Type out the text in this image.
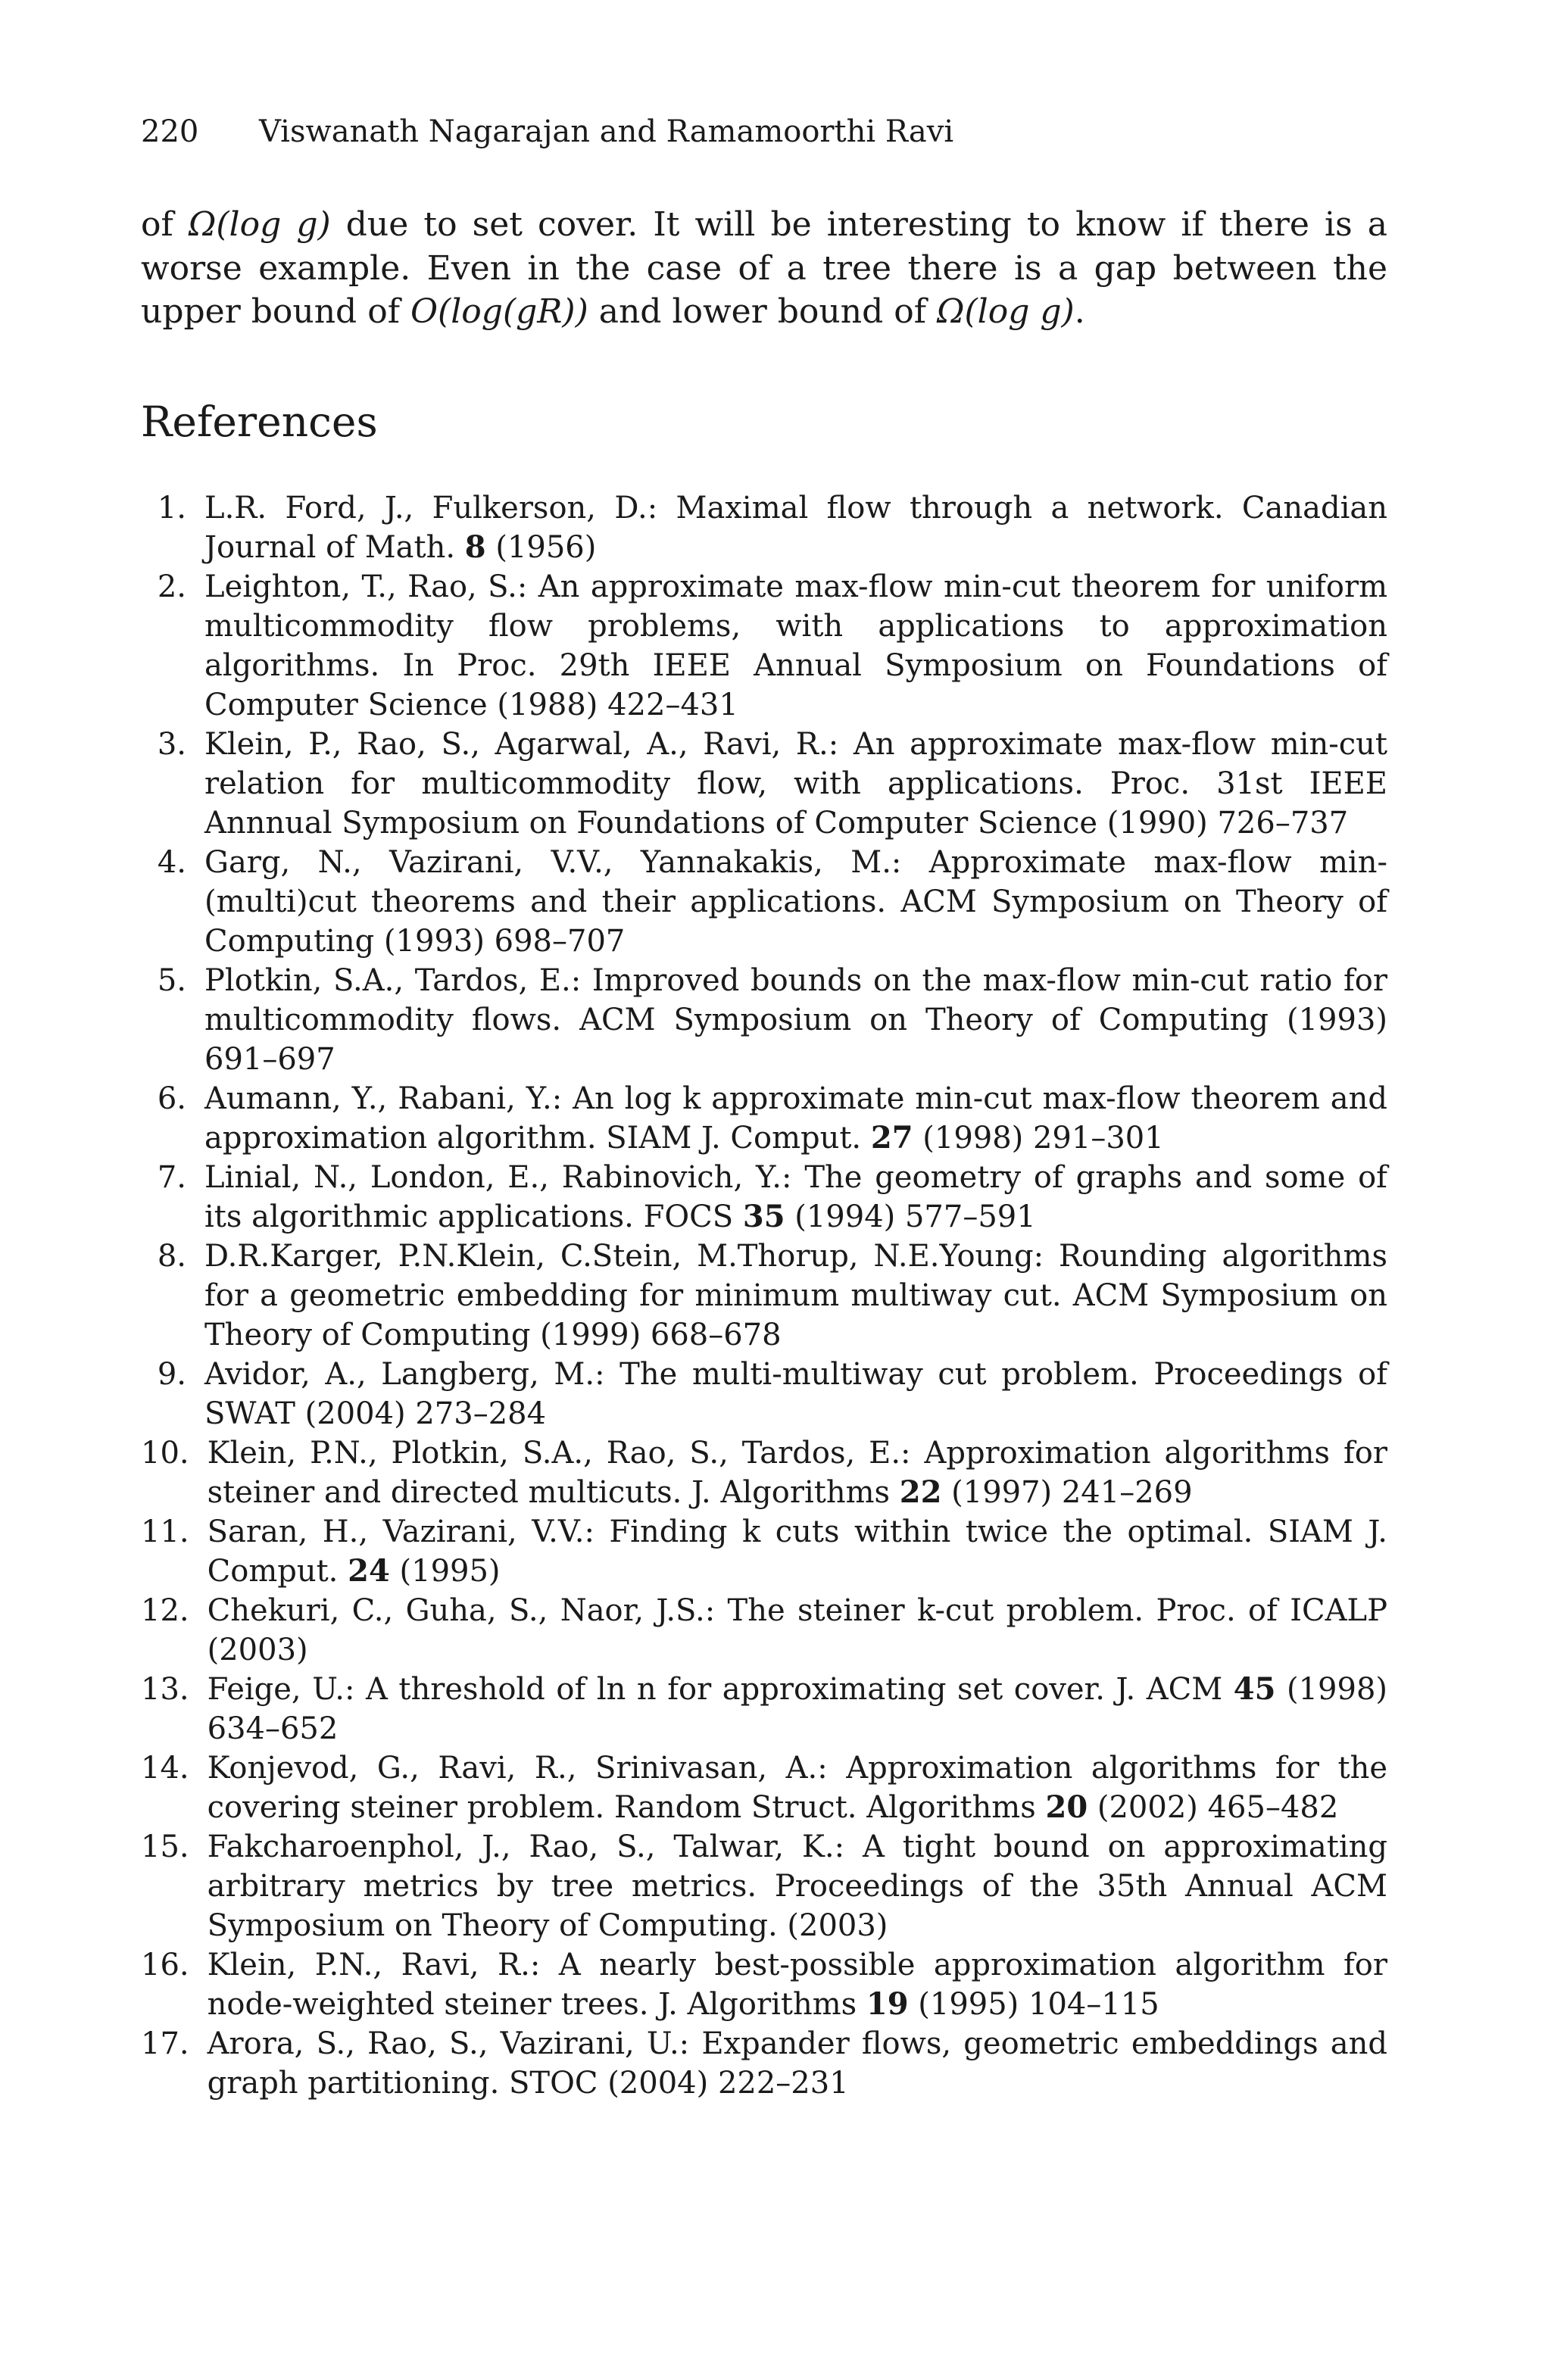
220 Viswanath Nagarajan and Ramamoorthi Ravi

of Ω(log g) due to set cover. It will be interesting to know if there is a worse example. Even in the case of a tree there is a gap between the upper bound of O(log(gR)) and lower bound of Ω(log g).

References
1. L.R. Ford, J., Fulkerson, D.: Maximal flow through a network. Canadian Journal of Math. 8 (1956)
2. Leighton, T., Rao, S.: An approximate max-flow min-cut theorem for uniform multicommodity flow problems, with applications to approximation algorithms. In Proc. 29th IEEE Annual Symposium on Foundations of Computer Science (1988) 422–431
3. Klein, P., Rao, S., Agarwal, A., Ravi, R.: An approximate max-flow min-cut relation for multicommodity flow, with applications. Proc. 31st IEEE Annnual Symposium on Foundations of Computer Science (1990) 726–737
4. Garg, N., Vazirani, V.V., Yannakakis, M.: Approximate max-flow min-(multi)cut theorems and their applications. ACM Symposium on Theory of Computing (1993) 698–707
5. Plotkin, S.A., Tardos, E.: Improved bounds on the max-flow min-cut ratio for multicommodity flows. ACM Symposium on Theory of Computing (1993) 691–697
6. Aumann, Y., Rabani, Y.: An log k approximate min-cut max-flow theorem and approximation algorithm. SIAM J. Comput. 27 (1998) 291–301
7. Linial, N., London, E., Rabinovich, Y.: The geometry of graphs and some of its algorithmic applications. FOCS 35 (1994) 577–591
8. D.R.Karger, P.N.Klein, C.Stein, M.Thorup, N.E.Young: Rounding algorithms for a geometric embedding for minimum multiway cut. ACM Symposium on Theory of Computing (1999) 668–678
9. Avidor, A., Langberg, M.: The multi-multiway cut problem. Proceedings of SWAT (2004) 273–284
10. Klein, P.N., Plotkin, S.A., Rao, S., Tardos, E.: Approximation algorithms for steiner and directed multicuts. J. Algorithms 22 (1997) 241–269
11. Saran, H., Vazirani, V.V.: Finding k cuts within twice the optimal. SIAM J. Comput. 24 (1995)
12. Chekuri, C., Guha, S., Naor, J.S.: The steiner k-cut problem. Proc. of ICALP (2003)
13. Feige, U.: A threshold of ln n for approximating set cover. J. ACM 45 (1998) 634–652
14. Konjevod, G., Ravi, R., Srinivasan, A.: Approximation algorithms for the covering steiner problem. Random Struct. Algorithms 20 (2002) 465–482
15. Fakcharoenphol, J., Rao, S., Talwar, K.: A tight bound on approximating arbitrary metrics by tree metrics. Proceedings of the 35th Annual ACM Symposium on Theory of Computing. (2003)
16. Klein, P.N., Ravi, R.: A nearly best-possible approximation algorithm for node-weighted steiner trees. J. Algorithms 19 (1995) 104–115
17. Arora, S., Rao, S., Vazirani, U.: Expander flows, geometric embeddings and graph partitioning. STOC (2004) 222–231
